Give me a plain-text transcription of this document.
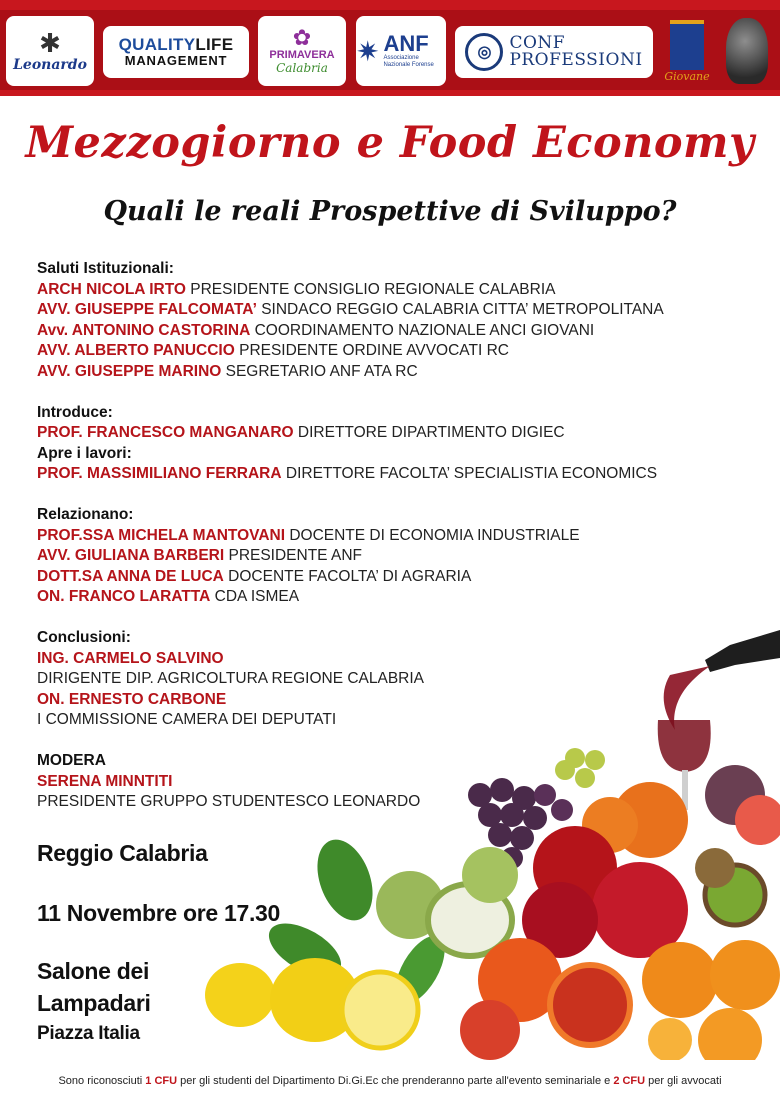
✱
Leonardo
QUALITYLIFE
MANAGEMENT
✿
PRIMAVERA
Calabria
✷ ANF
Associazione Nazionale Forense
◎	CONF
PROFESSIONI
Giovane
Mezzogiorno e Food Economy
Quali le reali Prospettive di Sviluppo?
Saluti Istituzionali:
ARCH NICOLA IRTO PRESIDENTE CONSIGLIO REGIONALE CALABRIA
AVV. GIUSEPPE FALCOMATA’ SINDACO REGGIO CALABRIA CITTA’ METROPOLITANA
Avv. ANTONINO CASTORINA COORDINAMENTO NAZIONALE ANCI GIOVANI
AVV. ALBERTO PANUCCIO PRESIDENTE ORDINE AVVOCATI RC
AVV. GIUSEPPE MARINO SEGRETARIO ANF ATA RC
Introduce:
PROF. FRANCESCO MANGANARO DIRETTORE DIPARTIMENTO DIGIEC
Apre i lavori:
PROF. MASSIMILIANO FERRARA DIRETTORE FACOLTA’ SPECIALISTIA ECONOMICS
Relazionano:
PROF.SSA MICHELA MANTOVANI DOCENTE DI ECONOMIA INDUSTRIALE
AVV. GIULIANA BARBERI PRESIDENTE ANF
DOTT.SA ANNA DE LUCA DOCENTE FACOLTA’ DI AGRARIA
ON. FRANCO LARATTA CDA ISMEA
Conclusioni:
ING. CARMELO SALVINO
DIRIGENTE DIP. AGRICOLTURA REGIONE CALABRIA
ON. ERNESTO CARBONE
I COMMISSIONE CAMERA DEI DEPUTATI
MODERA
SERENA MINNTITI
PRESIDENTE GRUPPO STUDENTESCO LEONARDO
Reggio Calabria
11 Novembre ore 17.30
Salone dei
Lampadari
Piazza Italia
Sono riconosciuti 1 CFU per gli studenti del Dipartimento Di.Gi.Ec che prenderanno parte all'evento seminariale e 2 CFU per gli avvocati
